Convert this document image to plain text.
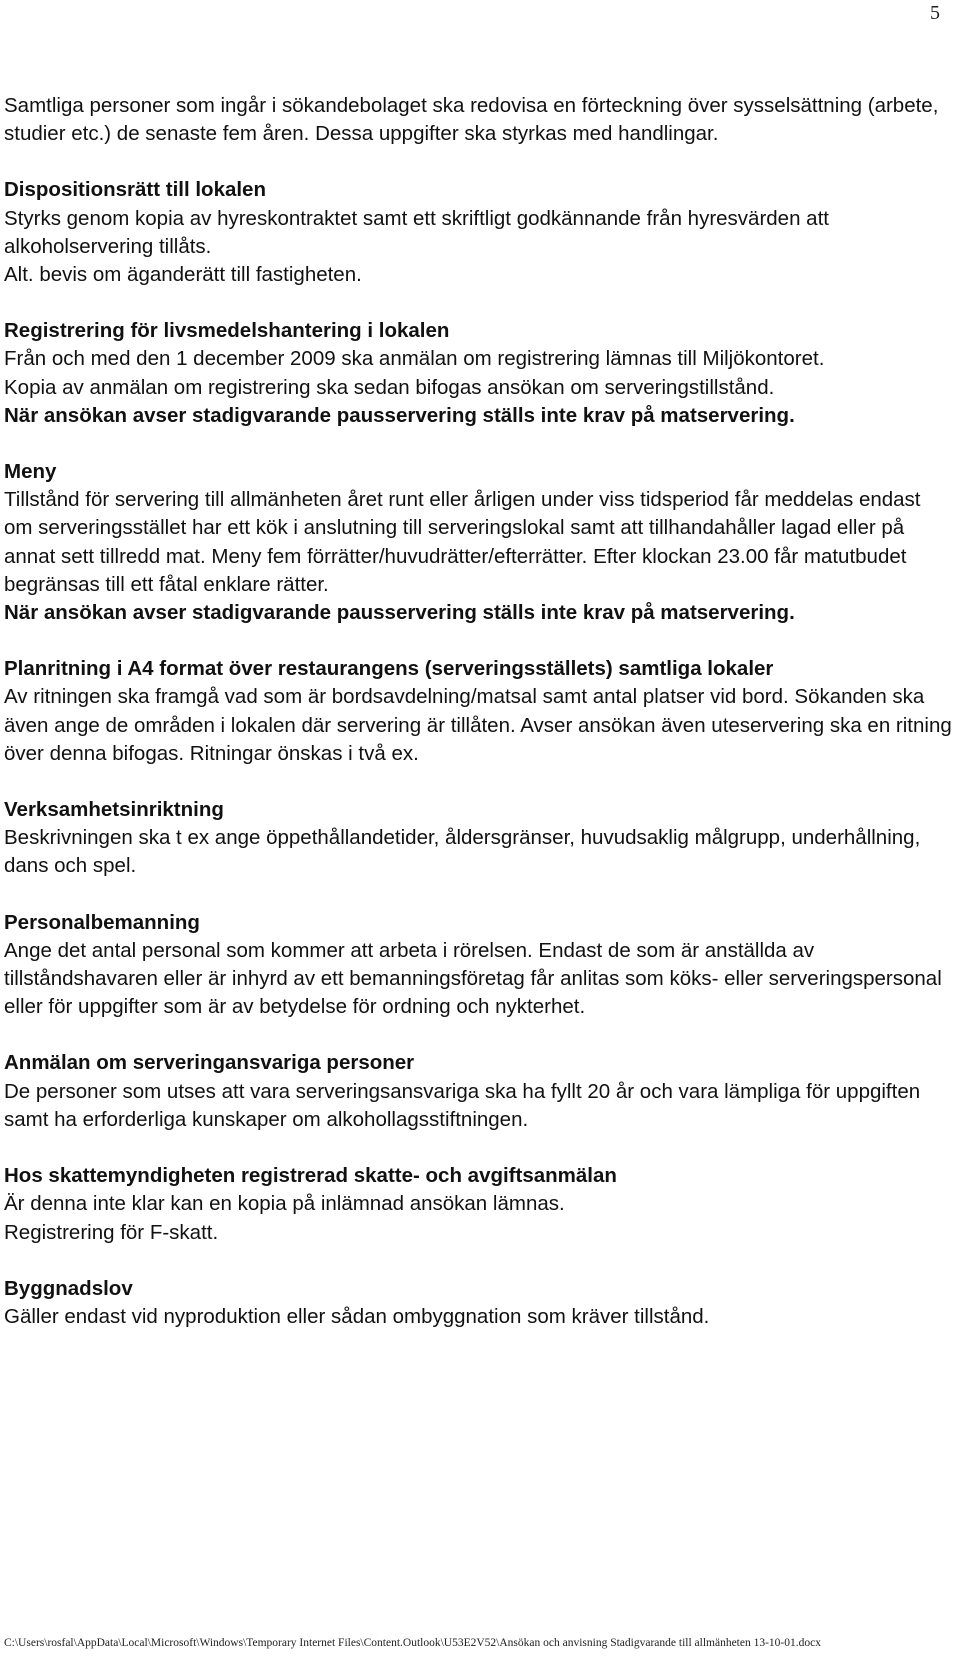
5

Samtliga personer som ingår i sökandebolaget ska redovisa en förteckning över sysselsättning (arbete, studier etc.) de senaste fem åren. Dessa uppgifter ska styrkas med handlingar.

Dispositionsrätt till lokalen

Styrks genom kopia av hyreskontraktet samt ett skriftligt godkännande från hyresvärden att alkoholservering tillåts.

Alt. bevis om äganderätt till fastigheten.

Registrering för livsmedelshantering i lokalen

Från och med den 1 december 2009 ska anmälan om registrering lämnas till Miljökontoret.

Kopia av anmälan om registrering ska sedan bifogas ansökan om serveringstillstånd.

När ansökan avser stadigvarande pausservering ställs inte krav på matservering.

Meny

Tillstånd för servering till allmänheten året runt eller årligen under viss tidsperiod får meddelas endast om serveringsstället har ett kök i anslutning till serveringslokal samt att tillhandahåller lagad eller på annat sett tillredd mat. Meny fem förrätter/huvudrätter/efterrätter. Efter klockan 23.00 får matutbudet begränsas till ett fåtal enklare rätter.

När ansökan avser stadigvarande pausservering ställs inte krav på matservering.

Planritning i A4 format över restaurangens (serveringsställets) samtliga lokaler

Av ritningen ska framgå vad som är bordsavdelning/matsal samt antal platser vid bord. Sökanden ska även ange de områden i lokalen där servering är tillåten. Avser ansökan även uteservering ska en ritning över denna bifogas. Ritningar önskas i två ex.

Verksamhetsinriktning

Beskrivningen ska t ex ange öppethållandetider, åldersgränser, huvudsaklig målgrupp, underhållning, dans och spel.

Personalbemanning

Ange det antal personal som kommer att arbeta i rörelsen. Endast de som är anställda av tillståndshavaren eller är inhyrd av ett bemanningsföretag får anlitas som köks- eller serveringspersonal eller för uppgifter som är av betydelse för ordning och nykterhet.

Anmälan om serveringansvariga personer

De personer som utses att vara serveringsansvariga ska ha fyllt 20 år och vara lämpliga för uppgiften samt ha erforderliga kunskaper om alkohollagsstiftningen.

Hos skattemyndigheten registrerad skatte- och avgiftsanmälan

Är denna inte klar kan en kopia på inlämnad ansökan lämnas.

Registrering för F-skatt.

Byggnadslov

Gäller endast vid nyproduktion eller sådan ombyggnation som kräver tillstånd.

C:\Users\rosfal\AppData\Local\Microsoft\Windows\Temporary Internet Files\Content.Outlook\U53E2V52\Ansökan och anvisning Stadigvarande till allmänheten 13-10-01.docx
